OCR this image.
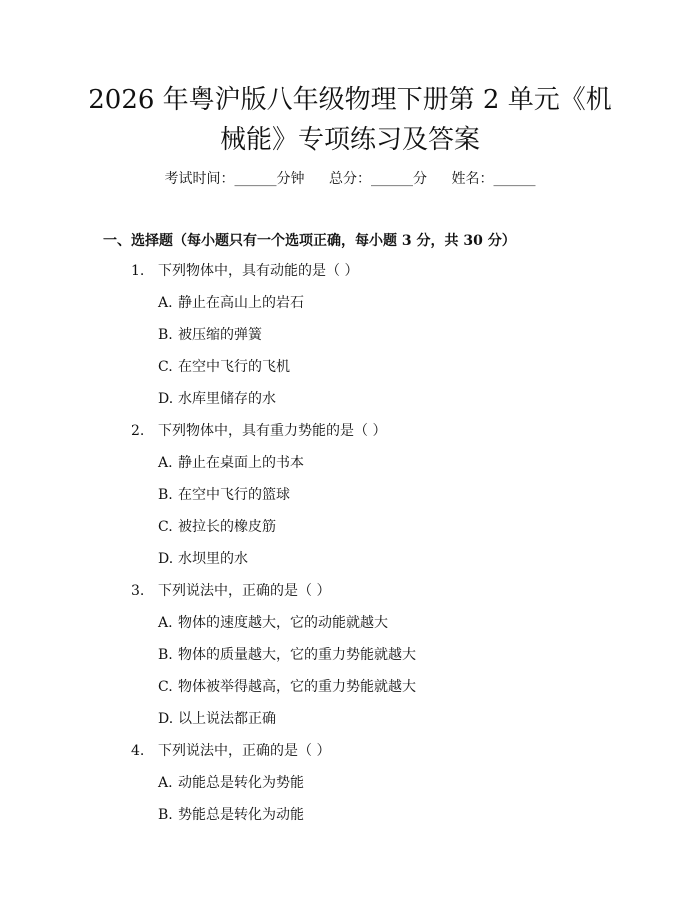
2026 年粤沪版八年级物理下册第 2 单元《机
械能》专项练习及答案
考试时间：______分钟 总分：______分 姓名：______
一、选择题（每小题只有一个选项正确，每小题 3 分，共 30 分）
1. 下列物体中，具有动能的是（ ）
A. 静止在高山上的岩石
B. 被压缩的弹簧
C. 在空中飞行的飞机
D. 水库里储存的水
2. 下列物体中，具有重力势能的是（ ）
A. 静止在桌面上的书本
B. 在空中飞行的篮球
C. 被拉长的橡皮筋
D. 水坝里的水
3. 下列说法中，正确的是（ ）
A. 物体的速度越大，它的动能就越大
B. 物体的质量越大，它的重力势能就越大
C. 物体被举得越高，它的重力势能就越大
D. 以上说法都正确
4. 下列说法中，正确的是（ ）
A. 动能总是转化为势能
B. 势能总是转化为动能
